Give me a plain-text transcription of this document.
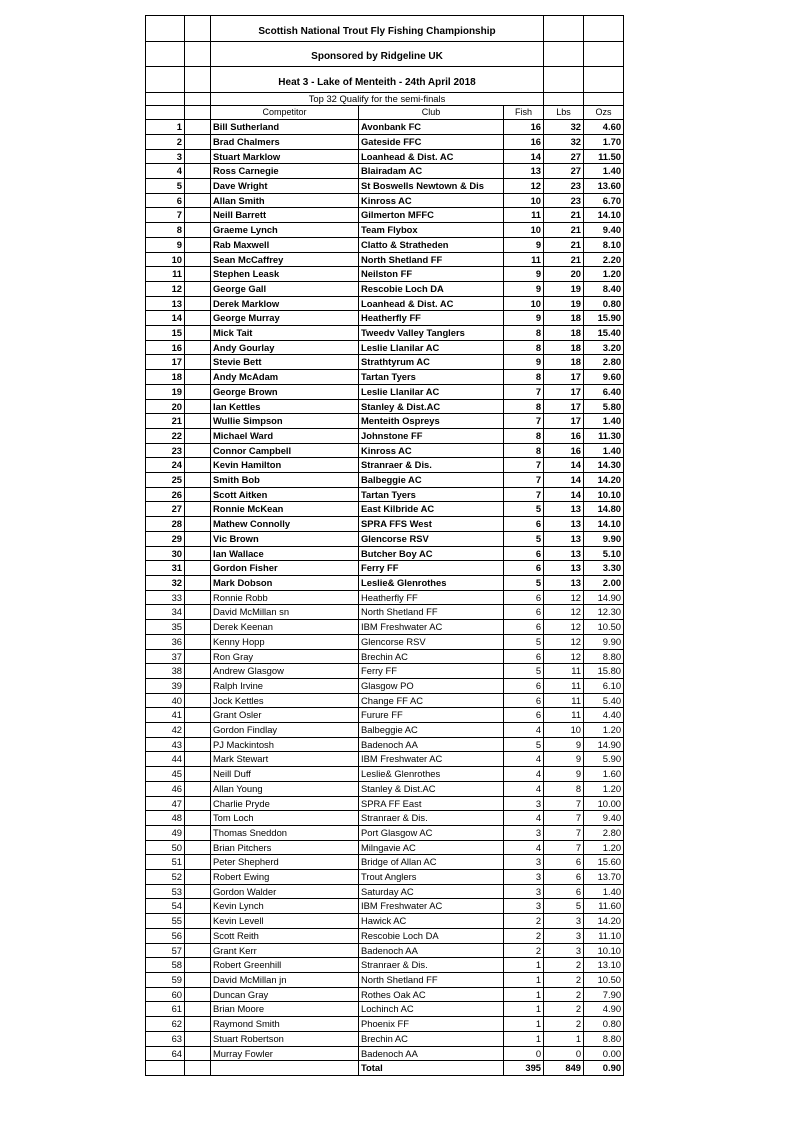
		Scottish National Trout Fly Fishing Championship				
		Sponsored by Ridgeline UK				
		Heat 3 - Lake of Menteith - 24th April 2018				
		Top 32 Qualify for the semi-finals				
		Competitor	Club	Fish	Lbs	Ozs
1		Bill Sutherland	Avonbank FC	16	32	4.60
2		Brad Chalmers	Gateside FFC	16	32	1.70
3		Stuart Marklow	Loanhead & Dist. AC	14	27	11.50
4		Ross Carnegie	Blairadam AC	13	27	1.40
5		Dave Wright	St Boswells Newtown & Dis	12	23	13.60
6		Allan Smith	Kinross AC	10	23	6.70
7		Neill Barrett	Gilmerton MFFC	11	21	14.10
8		Graeme Lynch	Team Flybox	10	21	9.40
9		Rab Maxwell	Clatto & Stratheden	9	21	8.10
10		Sean McCaffrey	North Shetland FF	11	21	2.20
11		Stephen Leask	Neilston FF	9	20	1.20
12		George Gall	Rescobie Loch DA	9	19	8.40
13		Derek Marklow	Loanhead & Dist. AC	10	19	0.80
14		George Murray	Heatherfly FF	9	18	15.90
15		Mick Tait	Tweedv Valley Tanglers	8	18	15.40
16		Andy Gourlay	Leslie Llanilar AC	8	18	3.20
17		Stevie Bett	Strathtyrum AC	9	18	2.80
18		Andy McAdam	Tartan Tyers	8	17	9.60
19		George Brown	Leslie Llanilar AC	7	17	6.40
20		Ian Kettles	Stanley & Dist.AC	8	17	5.80
21		Wullie Simpson	Menteith Ospreys	7	17	1.40
22		Michael Ward	Johnstone FF	8	16	11.30
23		Connor Campbell	Kinross AC	8	16	1.40
24		Kevin Hamilton	Stranraer & Dis.	7	14	14.30
25		Smith Bob	Balbeggie AC	7	14	14.20
26		Scott Aitken	Tartan Tyers	7	14	10.10
27		Ronnie McKean	East Kilbride AC	5	13	14.80
28		Mathew Connolly	SPRA FFS West	6	13	14.10
29		Vic Brown	Glencorse RSV	5	13	9.90
30		Ian Wallace	Butcher Boy AC	6	13	5.10
31		Gordon Fisher	Ferry FF	6	13	3.30
32		Mark Dobson	Leslie& Glenrothes	5	13	2.00
33		Ronnie Robb	Heatherfly FF	6	12	14.90
34		David McMillan sn	North Shetland FF	6	12	12.30
35		Derek Keenan	IBM Freshwater AC	6	12	10.50
36		Kenny Hopp	Glencorse RSV	5	12	9.90
37		Ron Gray	Brechin AC	6	12	8.80
38		Andrew Glasgow	Ferry FF	5	11	15.80
39		Ralph Irvine	Glasgow PO	6	11	6.10
40		Jock Kettles	Change FF AC	6	11	5.40
41		Grant Osler	Furure FF	6	11	4.40
42		Gordon Findlay	Balbeggie AC	4	10	1.20
43		PJ Mackintosh	Badenoch AA	5	9	14.90
44		Mark Stewart	IBM Freshwater AC	4	9	5.90
45		Neill Duff	Leslie& Glenrothes	4	9	1.60
46		Allan Young	Stanley & Dist.AC	4	8	1.20
47		Charlie Pryde	SPRA FF East	3	7	10.00
48		Tom Loch	Stranraer & Dis.	4	7	9.40
49		Thomas Sneddon	Port Glasgow AC	3	7	2.80
50		Brian Pitchers	Milngavie AC	4	7	1.20
51		Peter Shepherd	Bridge of Allan AC	3	6	15.60
52		Robert Ewing	Trout Anglers	3	6	13.70
53		Gordon Walder	Saturday AC	3	6	1.40
54		Kevin Lynch	IBM Freshwater AC	3	5	11.60
55		Kevin Levell	Hawick AC	2	3	14.20
56		Scott Reith	Rescobie Loch DA	2	3	11.10
57		Grant Kerr	Badenoch AA	2	3	10.10
58		Robert Greenhill	Stranraer & Dis.	1	2	13.10
59		David McMillan jn	North Shetland FF	1	2	10.50
60		Duncan Gray	Rothes Oak AC	1	2	7.90
61		Brian Moore	Lochinch AC	1	2	4.90
62		Raymond Smith	Phoenix FF	1	2	0.80
63		Stuart Robertson	Brechin AC	1	1	8.80
64		Murray Fowler	Badenoch AA	0	0	0.00
			Total	395	849	0.90
